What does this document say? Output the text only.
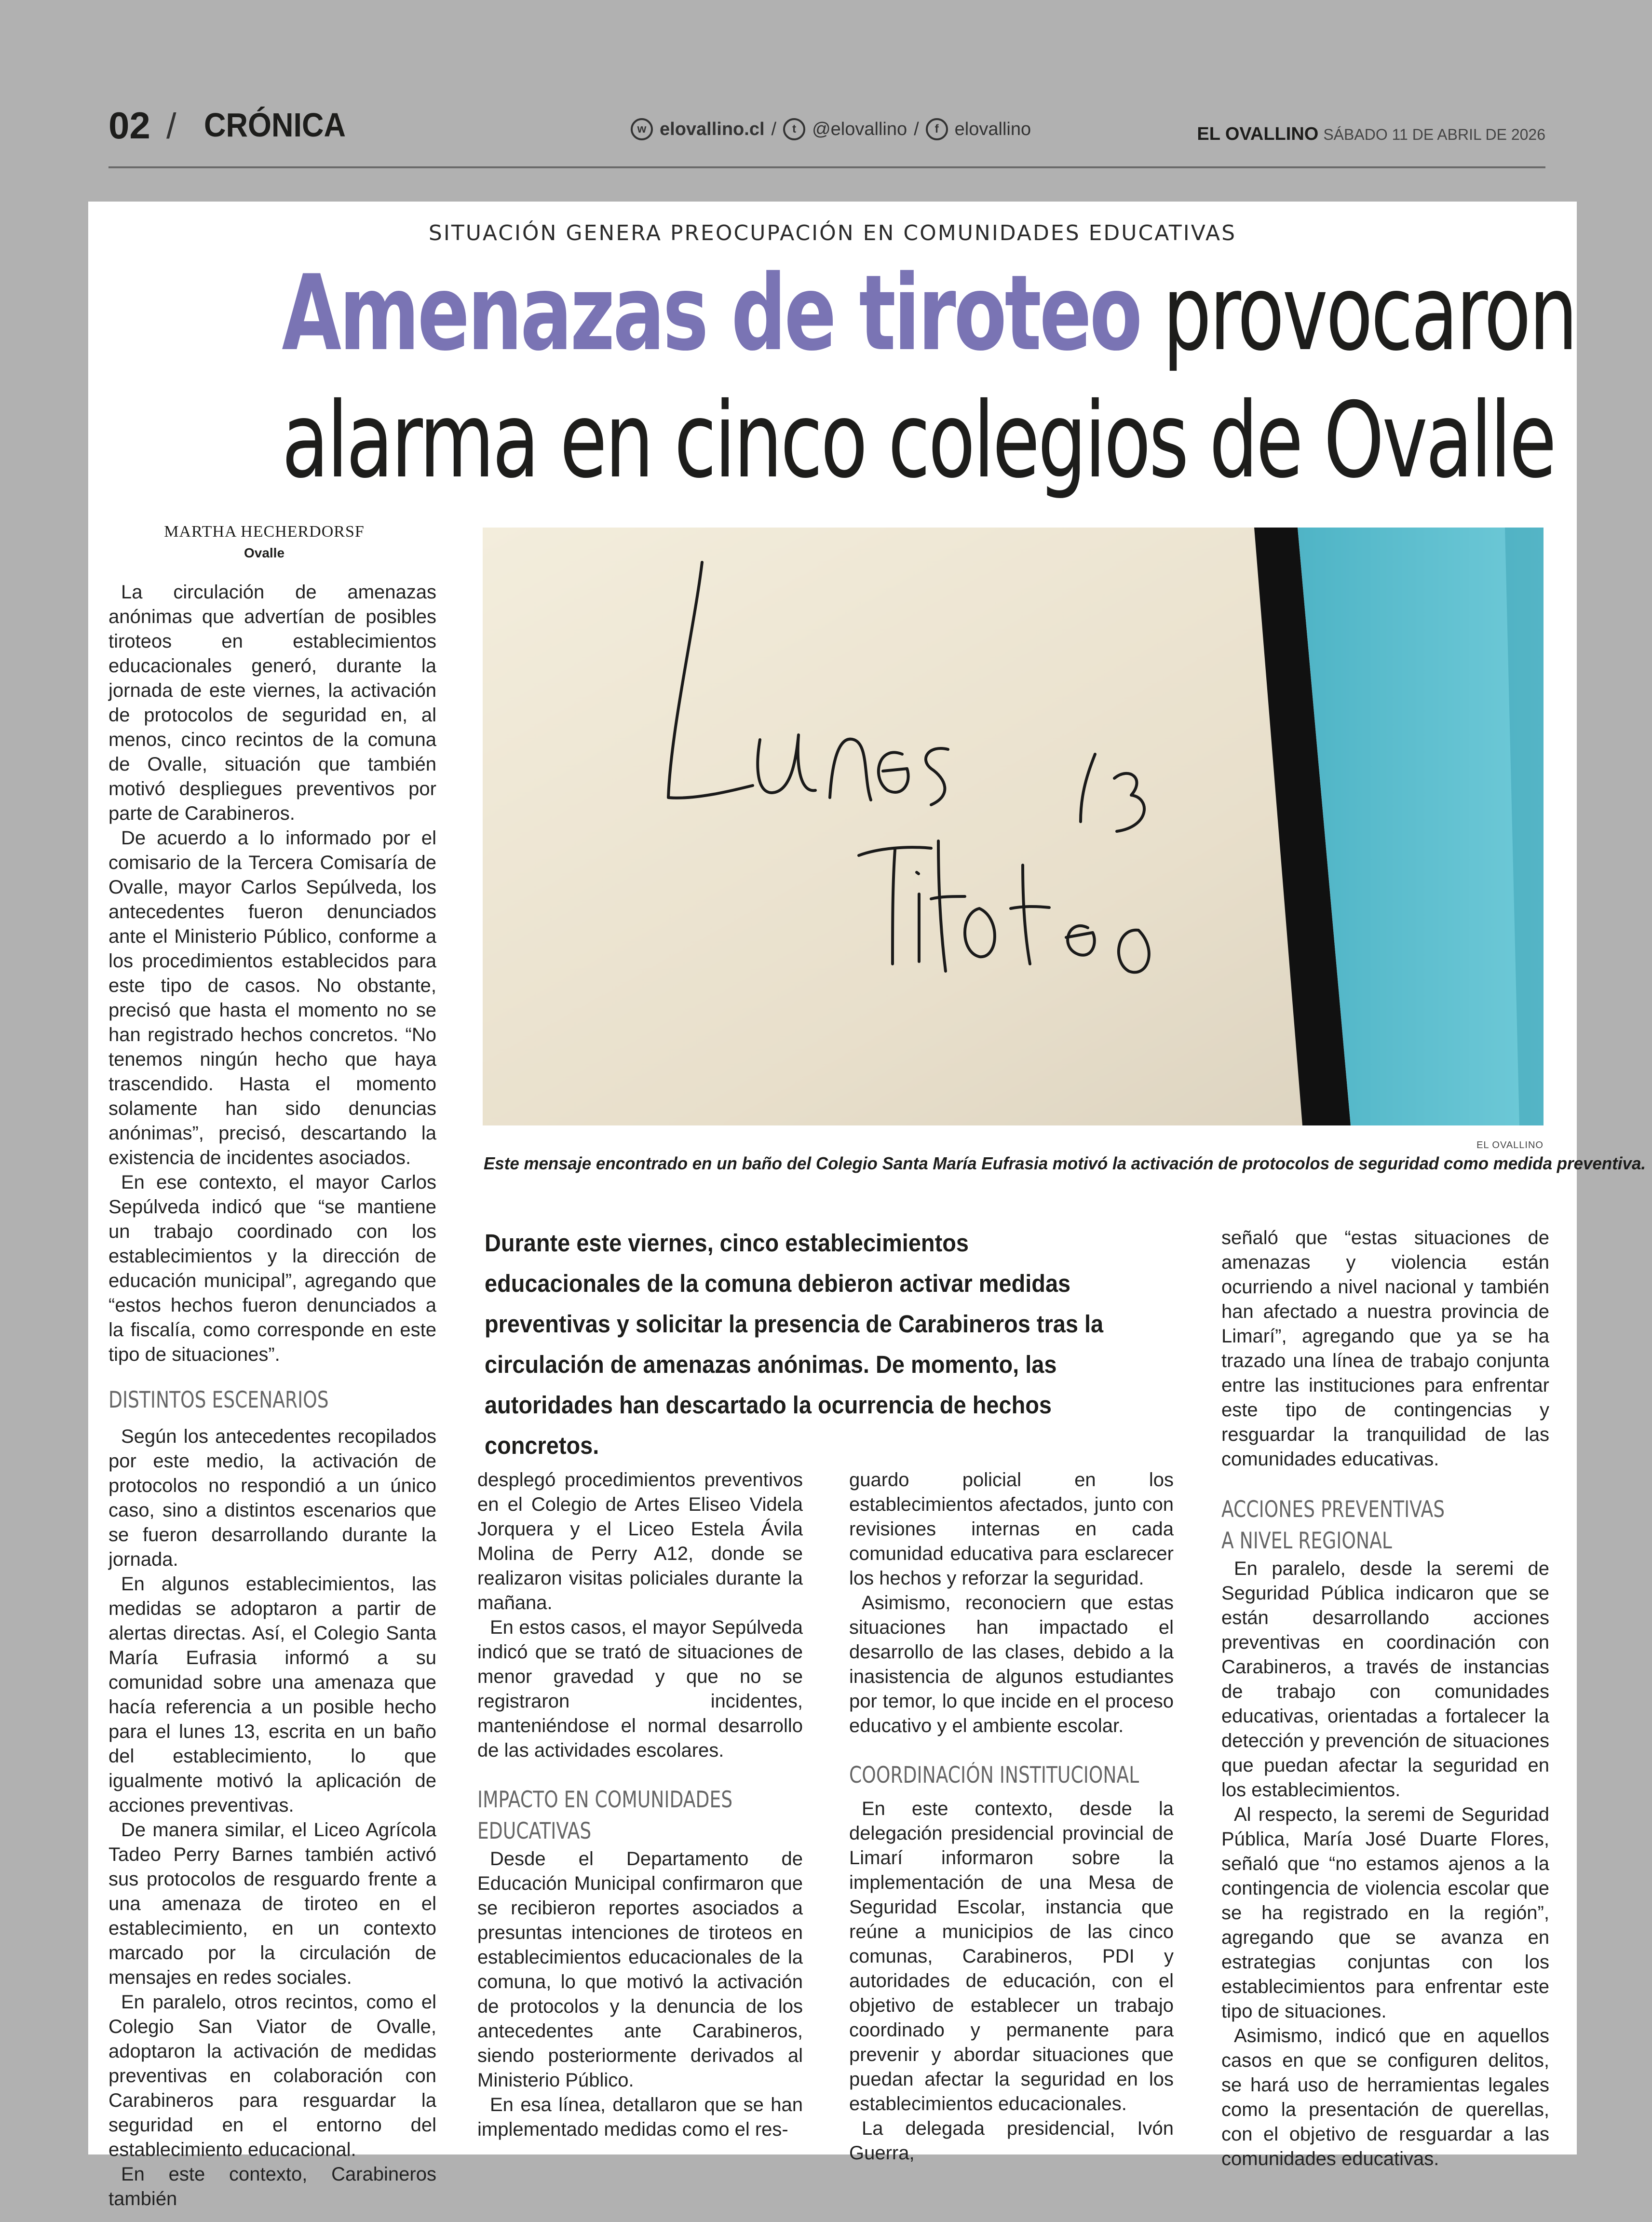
02 / CRÓNICA	w elovallino.cl /	t @elovallino /	f elovallino	EL OVALLINO SÁBADO 11 DE ABRIL DE 2026
SITUACIÓN GENERA PREOCUPACIÓN EN COMUNIDADES EDUCATIVAS
Amenazas de tiroteo provocaron
alarma en cinco colegios de Ovalle
MARTHA HECHERDORSF
Ovalle
EL OVALLINO
Este mensaje encontrado en un baño del Colegio Santa María Eufrasia motivó la activación de protocolos de seguridad como medida preventiva.
Durante este viernes, cinco establecimientos educacionales de la comuna debieron activar medidas preventivas y solicitar la presencia de Carabineros tras la circulación de amenazas anónimas. De momento, las autoridades han descartado la ocurrencia de hechos concretos.

La circulación de amenazas anónimas que advertían de posibles tiroteos en establecimientos educacionales generó, durante la jornada de este viernes, la activación de protocolos de seguridad en, al menos, cinco recintos de la comuna de Ovalle, situación que también motivó despliegues preventivos por parte de Carabineros.

De acuerdo a lo informado por el comisario de la Tercera Comisaría de Ovalle, mayor Carlos Sepúlveda, los antecedentes fueron denunciados ante el Ministerio Público, conforme a los procedimientos establecidos para este tipo de casos. No obstante, precisó que hasta el momento no se han registrado hechos concretos. “No tenemos ningún hecho que haya trascendido. Hasta el momento solamente han sido denuncias anónimas”, precisó, descartando la existencia de incidentes asociados.

En ese contexto, el mayor Carlos Sepúlveda indicó que “se mantiene un trabajo coordinado con los establecimientos y la dirección de educación municipal”, agregando que “estos hechos fueron denunciados a la fiscalía, como corresponde en este tipo de situaciones”.

DISTINTOS ESCENARIOS

Según los antecedentes recopilados por este medio, la activación de protocolos no respondió a un único caso, sino a distintos escenarios que se fueron desarrollando durante la jornada.

En algunos establecimientos, las medidas se adoptaron a partir de alertas directas. Así, el Colegio Santa María Eufrasia informó a su comunidad sobre una amenaza que hacía referencia a un posible hecho para el lunes 13, escrita en un baño del establecimiento, lo que igualmente motivó la aplicación de acciones preventivas.

De manera similar, el Liceo Agrícola Tadeo Perry Barnes también activó sus protocolos de resguardo frente a una amenaza de tiroteo en el establecimiento, en un contexto marcado por la circulación de mensajes en redes sociales.

En paralelo, otros recintos, como el Colegio San Viator de Ovalle, adoptaron la activación de medidas preventivas en colaboración con Carabineros para resguardar la seguridad en el entorno del establecimiento educacional.

En este contexto, Carabineros también

desplegó procedimientos preventivos en el Colegio de Artes Eliseo Videla Jorquera y el Liceo Estela Ávila Molina de Perry A12, donde se realizaron visitas policiales durante la mañana.

En estos casos, el mayor Sepúlveda indicó que se trató de situaciones de menor gravedad y que no se registraron incidentes, manteniéndose el normal desarrollo de las actividades escolares.

IMPACTO EN COMUNIDADES
EDUCATIVAS

Desde el Departamento de Educación Municipal confirmaron que se recibieron reportes asociados a presuntas intenciones de tiroteos en establecimientos educacionales de la comuna, lo que motivó la activación de protocolos y la denuncia de los antecedentes ante Carabineros, siendo posteriormente derivados al Ministerio Público.

En esa línea, detallaron que se han implementado medidas como el res-

guardo policial en los establecimientos afectados, junto con revisiones internas en cada comunidad educativa para esclarecer los hechos y reforzar la seguridad.

Asimismo, reconociern que estas situaciones han impactado el desarrollo de las clases, debido a la inasistencia de algunos estudiantes por temor, lo que incide en el proceso educativo y el ambiente escolar.

COORDINACIÓN INSTITUCIONAL

En este contexto, desde la delegación presidencial provincial de Limarí informaron sobre la implementación de una Mesa de Seguridad Escolar, instancia que reúne a municipios de las cinco comunas, Carabineros, PDI y autoridades de educación, con el objetivo de establecer un trabajo coordinado y permanente para prevenir y abordar situaciones que puedan afectar la seguridad en los establecimientos educacionales.

La delegada presidencial, Ivón Guerra,

señaló que “estas situaciones de amenazas y violencia están ocurriendo a nivel nacional y también han afectado a nuestra provincia de Limarí”, agregando que ya se ha trazado una línea de trabajo conjunta entre las instituciones para enfrentar este tipo de contingencias y resguardar la tranquilidad de las comunidades educativas.

ACCIONES PREVENTIVAS
A NIVEL REGIONAL

En paralelo, desde la seremi de Seguridad Pública indicaron que se están desarrollando acciones preventivas en coordinación con Carabineros, a través de instancias de trabajo con comunidades educativas, orientadas a fortalecer la detección y prevención de situaciones que puedan afectar la seguridad en los establecimientos.

Al respecto, la seremi de Seguridad Pública, María José Duarte Flores, señaló que “no estamos ajenos a la contingencia de violencia escolar que se ha registrado en la región”, agregando que se avanza en estrategias conjuntas con los establecimientos para enfrentar este tipo de situaciones.

Asimismo, indicó que en aquellos casos en que se configuren delitos, se hará uso de herramientas legales como la presentación de querellas, con el objetivo de resguardar a las comunidades educativas.
